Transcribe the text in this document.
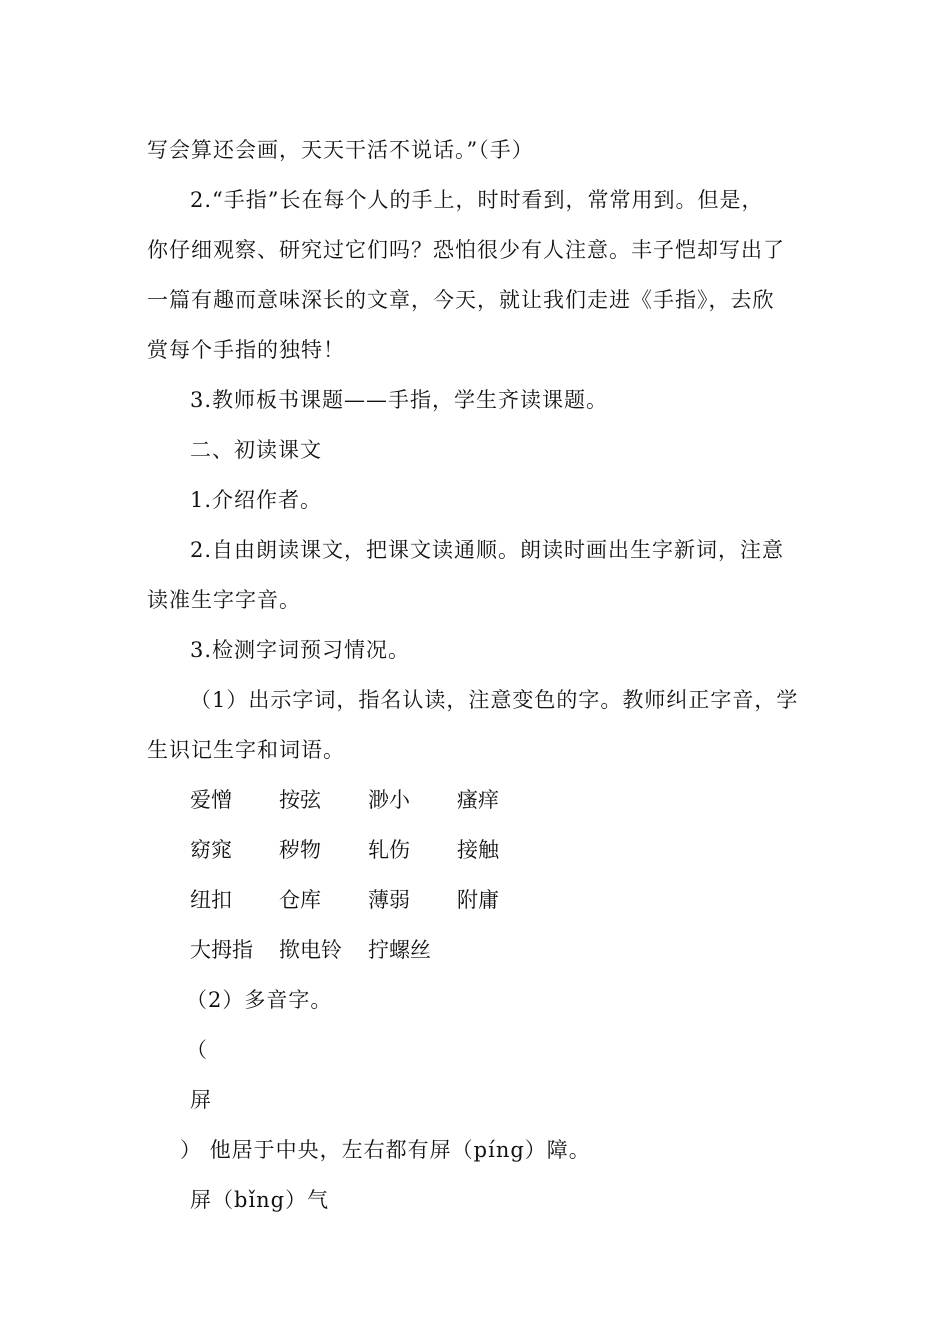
写会算还会画，天天干活不说话。”（手）
2.“手指”长在每个人的手上，时时看到，常常用到。但是，
你仔细观察、研究过它们吗？恐怕很少有人注意。丰子恺却写出了
一篇有趣而意味深长的文章，今天，就让我们走进《手指》，去欣
赏每个手指的独特！
3.教师板书课题——手指，学生齐读课题。
二、初读课文
1.介绍作者。
2.自由朗读课文，把课文读通顺。朗读时画出生字新词，注意
读准生字字音。
3.检测字词预习情况。
（1）出示字词，指名认读，注意变色的字。教师纠正字音，学
生识记生字和词语。
爱憎 按弦 渺小 瘙痒
窈窕 秽物 轧伤 接触
纽扣 仓库 薄弱 附庸
大拇指 揿电铃 拧螺丝
（2）多音字。
（
屏
） 他居于中央，左右都有屏（píng）障。
屏（bǐng）气
